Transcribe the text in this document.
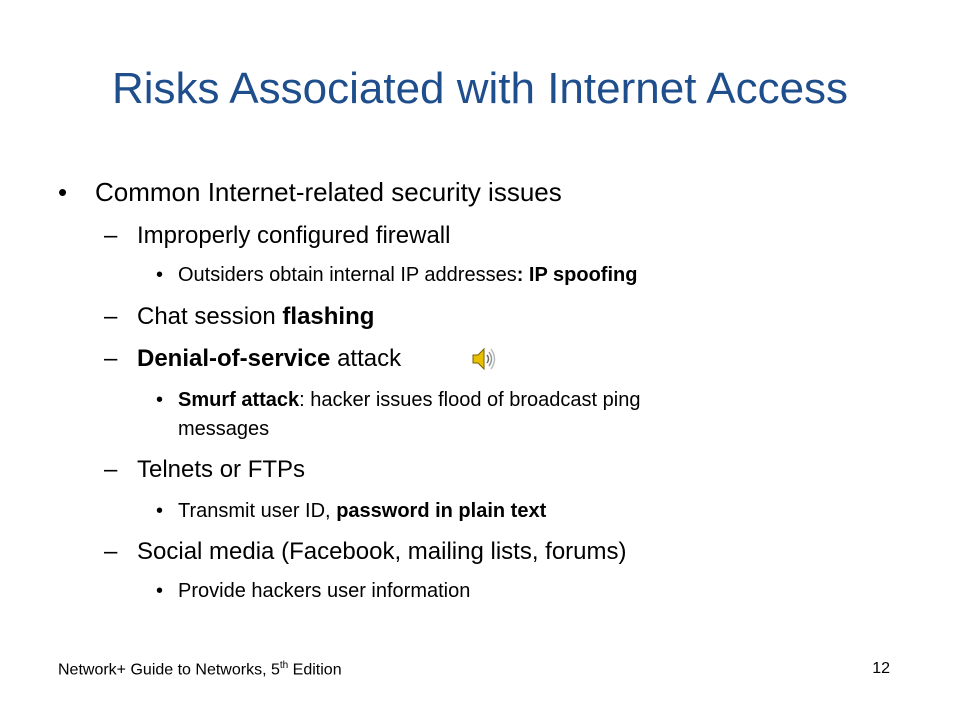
Risks Associated with Internet Access
• Common Internet-related security issues
– Improperly configured firewall
• Outsiders obtain internal IP addresses: IP spoofing
– Chat session flashing
– Denial-of-service attack
• Smurf attack: hacker issues flood of broadcast ping
messages
– Telnets or FTPs
• Transmit user ID, password in plain text
– Social media (Facebook, mailing lists, forums)
• Provide hackers user information
Network+ Guide to Networks, 5th Edition	12
